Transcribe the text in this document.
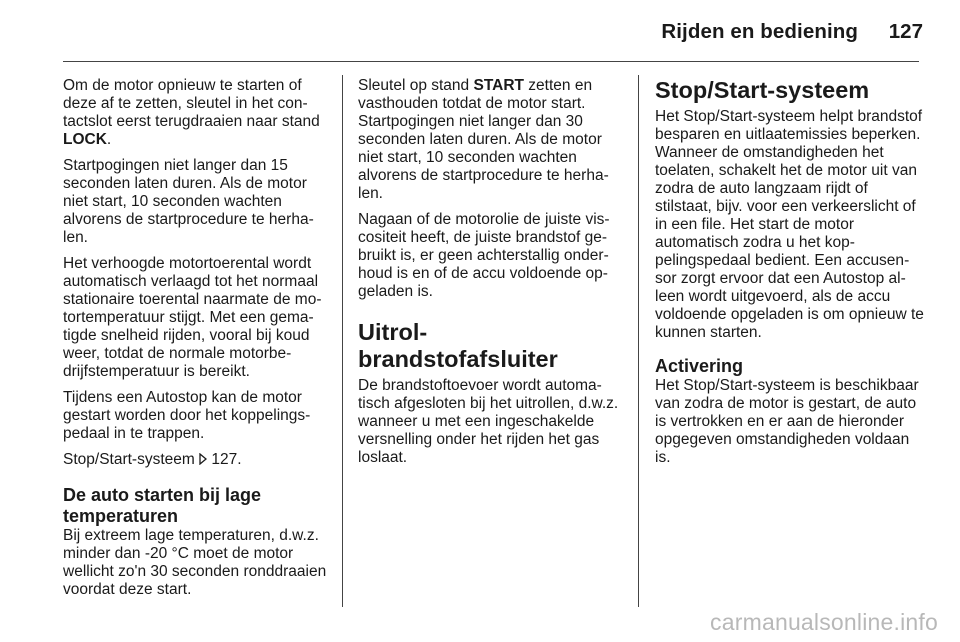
Rijden en bediening 127

Om de motor opnieuw te starten of deze af te zetten, sleutel in het contactslot eerst terugdraaien naar stand LOCK.

Startpogingen niet langer dan 15 seconden laten duren. Als de motor niet start, 10 seconden wachten alvorens de startprocedure te herhalen.

Het verhoogde motortoerental wordt automatisch verlaagd tot het normaal stationaire toerental naarmate de motortemperatuur stijgt. Met een gematigde snelheid rijden, vooral bij koud weer, totdat de normale motorbedrijfstemperatuur is bereikt.

Tijdens een Autostop kan de motor gestart worden door het koppelingspedaal in te trappen.

Stop/Start-systeem  127.

De auto starten bij lage temperaturen

Bij extreem lage temperaturen, d.w.z. minder dan -20 °C moet de motor wellicht zo'n 30 seconden ronddraaien voordat deze start.

Sleutel op stand START zetten en vasthouden totdat de motor start. Startpogingen niet langer dan 30 seconden laten duren. Als de motor niet start, 10 seconden wachten alvorens de startprocedure te herhalen.

Nagaan of de motorolie de juiste viscositeit heeft, de juiste brandstof gebruikt is, er geen achterstallig onderhoud is en of de accu voldoende opgeladen is.

Uitrol-brandstofafsluiter

De brandstoftoevoer wordt automatisch afgesloten bij het uitrollen, d.w.z. wanneer u met een ingeschakelde versnelling onder het rijden het gas loslaat.

Stop/Start-systeem

Het Stop/Start-systeem helpt brandstof besparen en uitlaatemissies beperken. Wanneer de omstandigheden het toelaten, schakelt het de motor uit van zodra de auto langzaam rijdt of stilstaat, bijv. voor een verkeerslicht of in een file. Het start de motor automatisch zodra u het koppelingspedaal bedient. Een accusensor zorgt ervoor dat een Autostop alleen wordt uitgevoerd, als de accu voldoende opgeladen is om opnieuw te kunnen starten.

Activering

Het Stop/Start-systeem is beschikbaar van zodra de motor is gestart, de auto is vertrokken en er aan de hieronder opgegeven omstandigheden voldaan is.

carmanualsonline.info
